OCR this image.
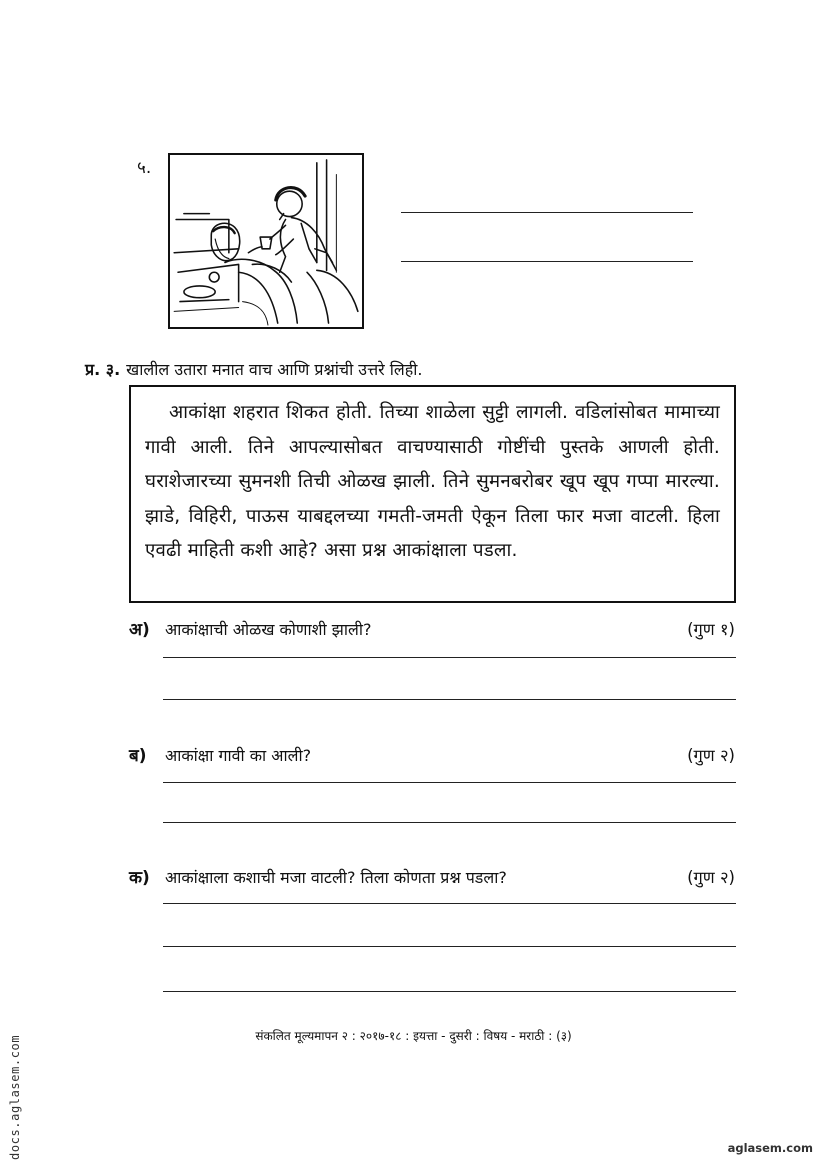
५.
प्र. ३. खालील उतारा मनात वाच आणि प्रश्नांची उत्तरे लिही.

आकांक्षा शहरात शिकत होती. तिच्या शाळेला सुट्टी लागली. वडिलांसोबत मामाच्या गावी आली. तिने आपल्यासोबत वाचण्यासाठी गोष्टींची पुस्तके आणली होती. घराशेजारच्या सुमनशी तिची ओळख झाली. तिने सुमनबरोबर खूप खूप गप्पा मारल्या. झाडे, विहिरी, पाऊस याबद्दलच्या गमती-जमती ऐकून तिला फार मजा वाटली. हिला एवढी माहिती कशी आहे? असा प्रश्न आकांक्षाला पडला.

अ) आकांक्षाची ओळख कोणाशी झाली?	(गुण १)
ब) आकांक्षा गावी का आली?	(गुण २)
क) आकांक्षाला कशाची मजा वाटली? तिला कोणता प्रश्न पडला?	(गुण २)
संकलित मूल्यमापन २ : २०१७-१८ : इयत्ता - दुसरी : विषय - मराठी : (३)
docs.aglasem.com	aglasem.com
